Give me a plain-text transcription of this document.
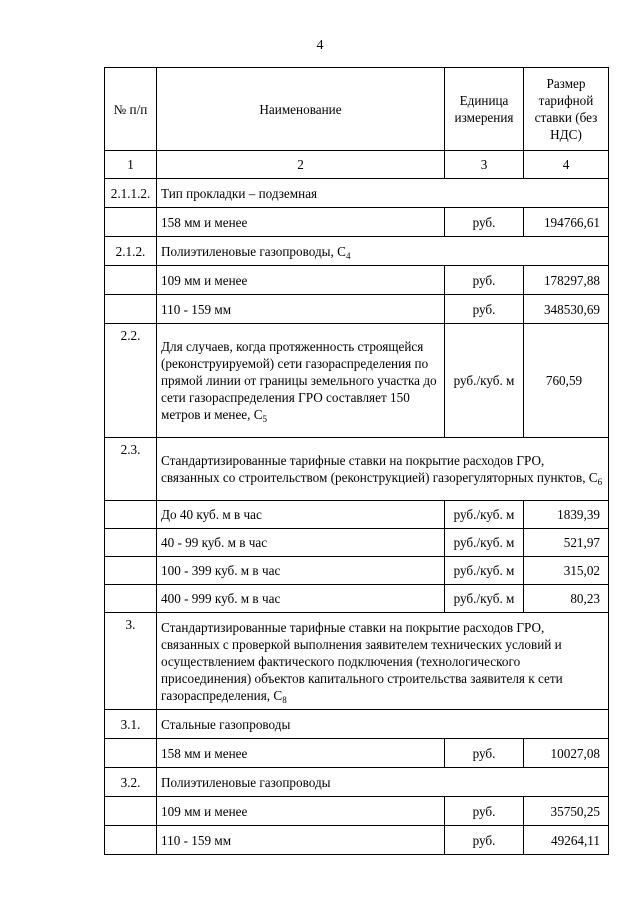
4
№ п/п	Наименование	Единица измерения	Размер тарифной ставки (без НДС)
1	2	3	4
2.1.1.2.	Тип прокладки – подземная		
	158 мм и менее	руб.	194766,61
2.1.2.	Полиэтиленовые газопроводы, $С_4$
	109 мм и менее	руб.	178297,88
	110 - 159 мм	руб.	348530,69
2.2.	Для случаев, когда протяженность строящейся (реконструируемой) сети газораспределения по прямой линии от границы земельного участка до сети газораспределения ГРО составляет 150 метров и менее, $С_5$	руб./куб. м	760,59
2.3.	Стандартизированные тарифные ставки на покрытие расходов ГРО, связанных со строительством (реконструкцией) газорегуляторных пунктов, $С_6$
	До 40 куб. м в час	руб./куб. м	1839,39
	40 - 99 куб. м в час	руб./куб. м	521,97
	100 - 399 куб. м в час	руб./куб. м	315,02
	400 - 999 куб. м в час	руб./куб. м	80,23
3.	Стандартизированные тарифные ставки на покрытие расходов ГРО, связанных с проверкой выполнения заявителем технических условий и осуществлением фактического подключения (технологического присоединения) объектов капитального строительства заявителя к сети газораспределения, $С_8$
3.1.	Стальные газопроводы		
	158 мм и менее	руб.	10027,08
3.2.	Полиэтиленовые газопроводы		
	109 мм и менее	руб.	35750,25
	110 - 159 мм	руб.	49264,11
